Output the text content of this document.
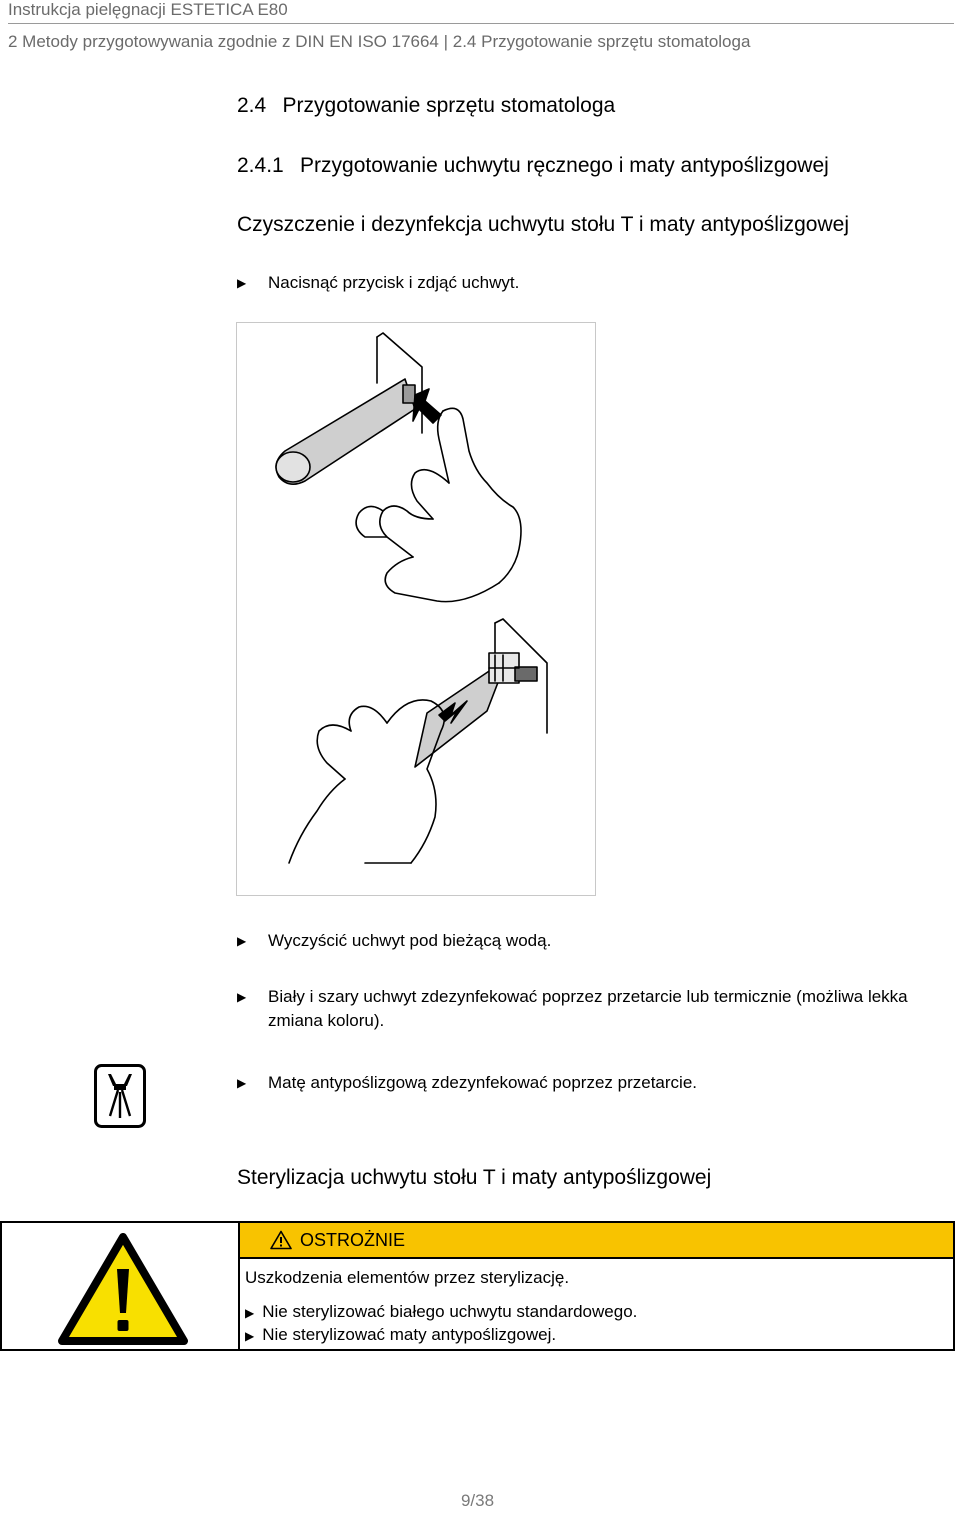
Instrukcja pielęgnacji ESTETICA E80
2 Metody przygotowywania zgodnie z DIN EN ISO 17664 | 2.4 Przygotowanie sprzętu stomatologa
2.4  Przygotowanie sprzętu stomatologa
2.4.1  Przygotowanie uchwytu ręcznego i maty antypoślizgowej
Czyszczenie i dezynfekcja uchwytu stołu T i maty antypoślizgowej
▶	Nacisnąć przycisk i zdjąć uchwyt.
▶	Wyczyścić uchwyt pod bieżącą wodą.
▶	Biały i szary uchwyt zdezynfekować poprzez przetarcie lub termicznie (możliwa lekka zmiana koloru).
▶	Matę antypoślizgową zdezynfekować poprzez przetarcie.
Sterylizacja uchwytu stołu T i maty antypoślizgowej
OSTROŻNIE
Uszkodzenia elementów przez sterylizację.
▶ Nie sterylizować białego uchwytu standardowego.
▶ Nie sterylizować maty antypoślizgowej.
9/38
